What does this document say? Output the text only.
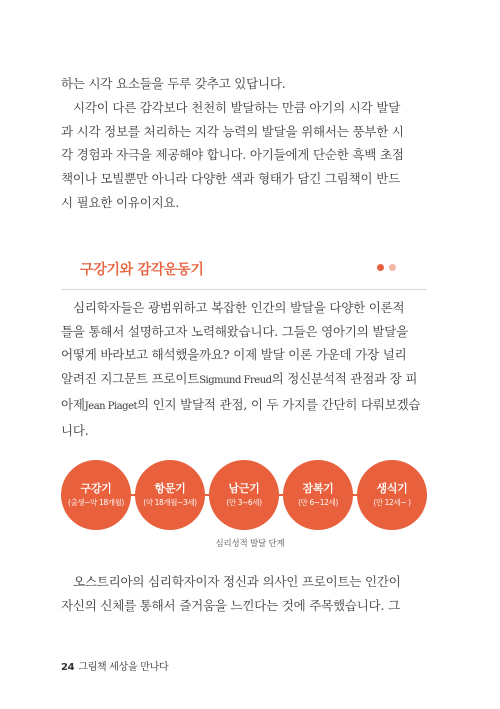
하는 시각 요소들을 두루 갖추고 있답니다.

시각이 다른 감각보다 천천히 발달하는 만큼 아기의 시각 발달
과 시각 정보를 처리하는 지각 능력의 발달을 위해서는 풍부한 시
각 경험과 자극을 제공해야 합니다. 아기들에게 단순한 흑백 초점
책이나 모빌뿐만 아니라 다양한 색과 형태가 담긴 그림책이 반드
시 필요한 이유이지요.

구강기와 감각운동기

심리학자들은 광범위하고 복잡한 인간의 발달을 다양한 이론적
틀을 통해서 설명하고자 노력해왔습니다. 그들은 영아기의 발달을
어떻게 바라보고 해석했을까요? 이제 발달 이론 가운데 가장 널리
알려진 지그문트 프로이트Sigmund Freud의 정신분석적 관점과 장 피
아제Jean Piaget의 인지 발달적 관점, 이 두 가지를 간단히 다뤄보겠습
니다.

구강기
(출생~약 18개월)
항문기
(약 18개월~3세)
남근기
(만 3~6세)
잠복기
(만 6~12세)
생식기
(만 12세~ )
심리성적 발달 단계

오스트리아의 심리학자이자 정신과 의사인 프로이트는 인간이
자신의 신체를 통해서 즐거움을 느낀다는 것에 주목했습니다. 그

24 그림책 세상을 만나다
